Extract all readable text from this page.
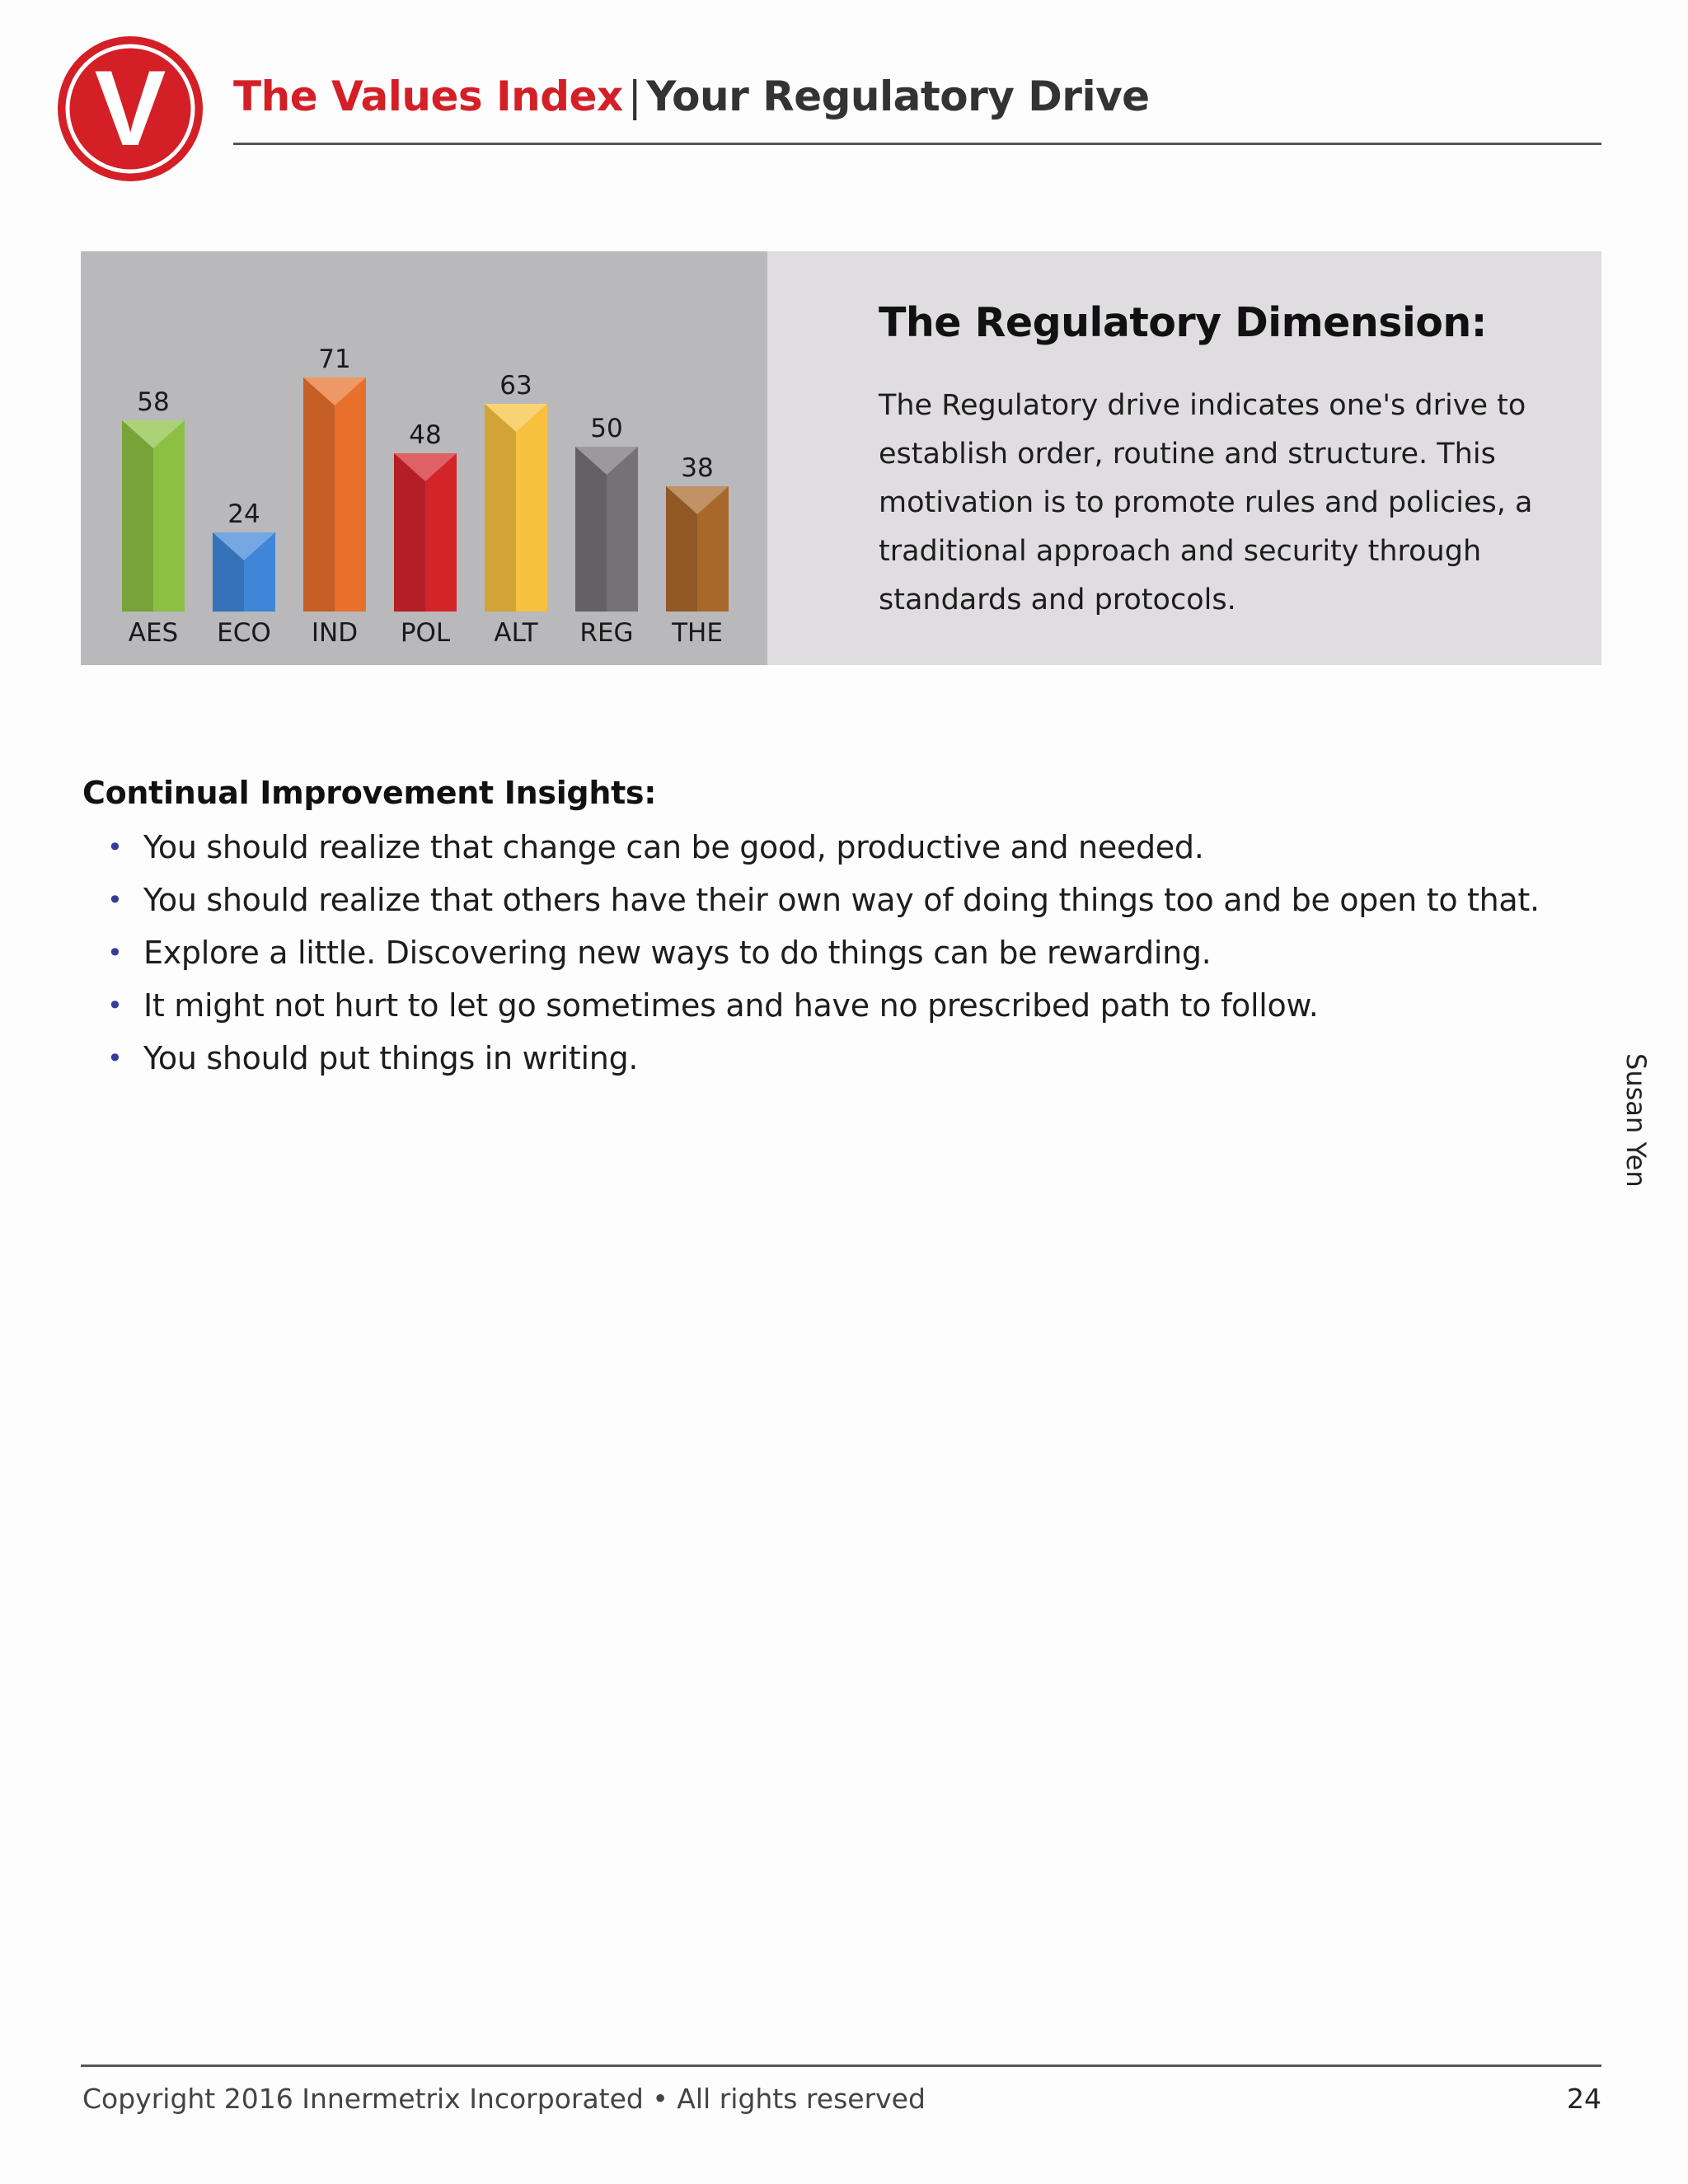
V The Values Index | Your Regulatory Drive
58
AES
24
ECO
71
IND
48
POL
63
ALT
50
REG
38
THE
The Regulatory Dimension:
The Regulatory drive indicates one's drive to establish order, routine and structure. This motivation is to promote rules and policies, a traditional approach and security through standards and protocols.
Continual Improvement Insights:
• You should realize that change can be good, productive and needed.
• You should realize that others have their own way of doing things too and be open to that.
• Explore a little. Discovering new ways to do things can be rewarding.
• It might not hurt to let go sometimes and have no prescribed path to follow.
• You should put things in writing.	Susan Yen
Copyright 2016 Innermetrix Incorporated • All rights reserved	24
